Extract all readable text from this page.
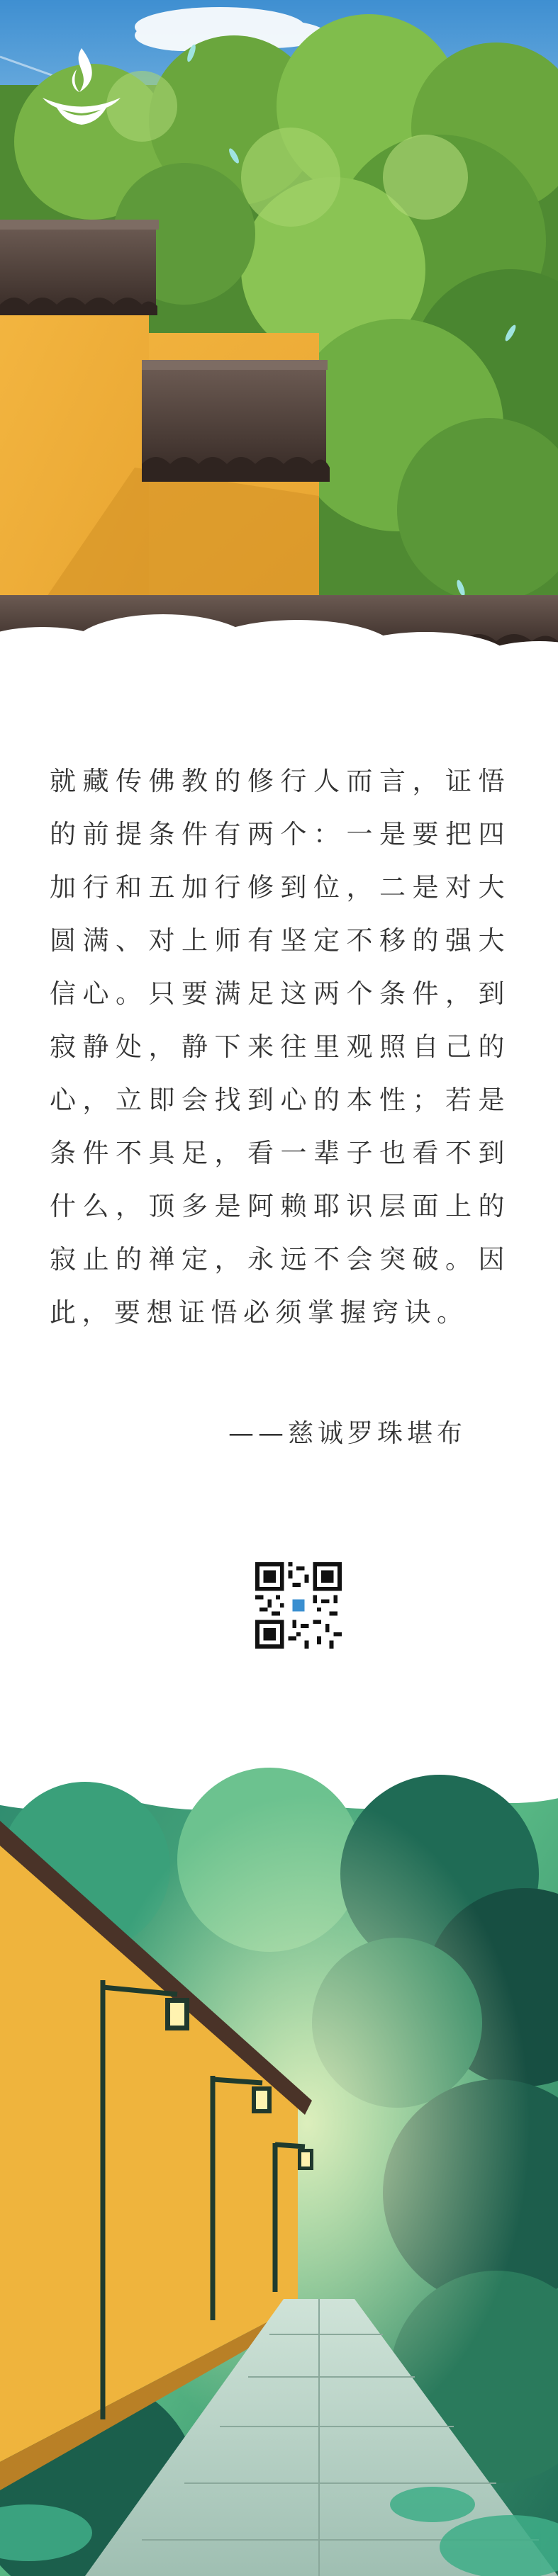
就藏传佛教的修行人而言，证悟的前提条件有两个：一是要把四加行和五加行修到位，二是对大圆满、对上师有坚定不移的强大信心。只要满足这两个条件，到寂静处，静下来往里观照自己的心，立即会找到心的本性；若是条件不具足，看一辈子也看不到什么，顶多是阿赖耶识层面上的寂止的禅定，永远不会突破。因此，要想证悟必须掌握窍诀。

——慈诚罗珠堪布
